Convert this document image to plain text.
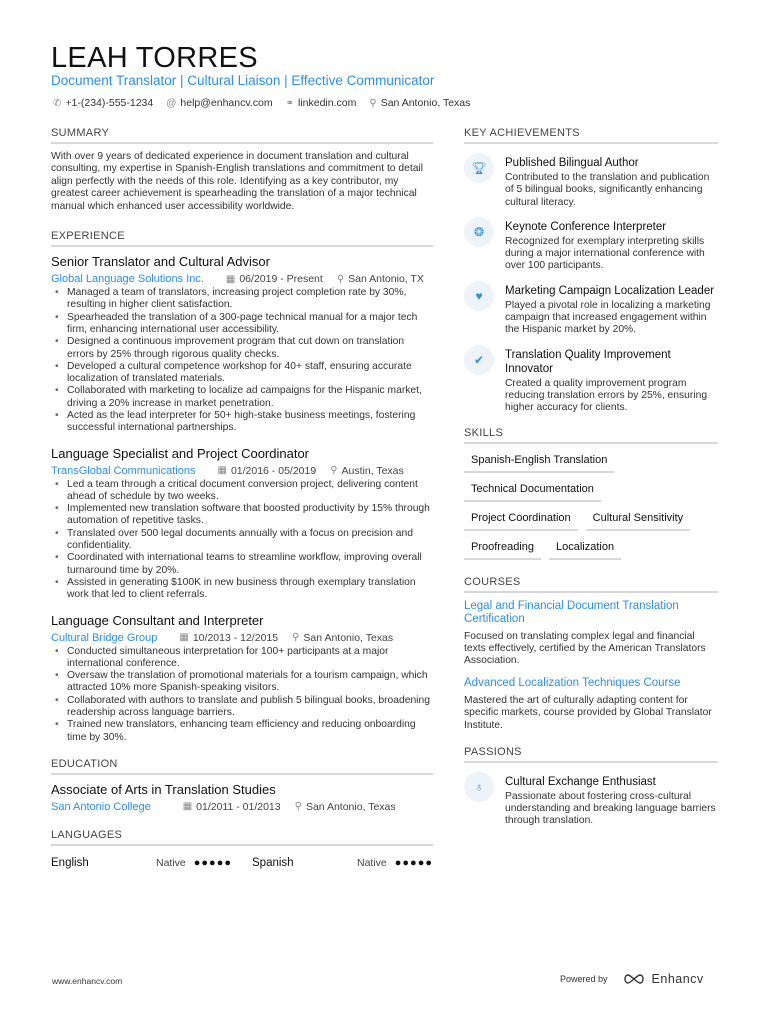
LEAH TORRES
Document Translator | Cultural Liaison | Effective Communicator
✆ +1-(234)-555-1234 @ help@enhancv.com ⚭ linkedin.com ⚲ San Antonio, Texas
SUMMARY
With over 9 years of dedicated experience in document translation and cultural consulting, my expertise in Spanish-English translations and commitment to detail align perfectly with the needs of this role. Identifying as a key contributor, my greatest career achievement is spearheading the translation of a major technical manual which enhanced user accessibility worldwide.
EXPERIENCE
Senior Translator and Cultural Advisor
Global Language Solutions Inc. ▦ 06/2019 - Present ⚲ San Antonio, TX
• Managed a team of translators, increasing project completion rate by 30%, resulting in higher client satisfaction.
• Spearheaded the translation of a 300-page technical manual for a major tech firm, enhancing international user accessibility.
• Designed a continuous improvement program that cut down on translation errors by 25% through rigorous quality checks.
• Developed a cultural competence workshop for 40+ staff, ensuring accurate localization of translated materials.
• Collaborated with marketing to localize ad campaigns for the Hispanic market, driving a 20% increase in market penetration.
• Acted as the lead interpreter for 50+ high-stake business meetings, fostering successful international partnerships.
Language Specialist and Project Coordinator
TransGlobal Communications ▦ 01/2016 - 05/2019 ⚲ Austin, Texas
• Led a team through a critical document conversion project, delivering content ahead of schedule by two weeks.
• Implemented new translation software that boosted productivity by 15% through automation of repetitive tasks.
• Translated over 500 legal documents annually with a focus on precision and confidentiality.
• Coordinated with international teams to streamline workflow, improving overall turnaround time by 20%.
• Assisted in generating $100K in new business through exemplary translation work that led to client referrals.
Language Consultant and Interpreter
Cultural Bridge Group ▦ 10/2013 - 12/2015 ⚲ San Antonio, Texas
• Conducted simultaneous interpretation for 100+ participants at a major international conference.
• Oversaw the translation of promotional materials for a tourism campaign, which attracted 10% more Spanish-speaking visitors.
• Collaborated with authors to translate and publish 5 bilingual books, broadening readership across language barriers.
• Trained new translators, enhancing team efficiency and reducing onboarding time by 30%.
EDUCATION
Associate of Arts in Translation Studies
San Antonio College	▦ 01/2011 - 01/2013 ⚲ San Antonio, Texas
LANGUAGES
English	Native ●●●●● Spanish	Native ●●●●●
KEY ACHIEVEMENTS
🏆︎	Published Bilingual Author
Contributed to the translation and publication of 5 bilingual books, significantly enhancing cultural literacy.
❂	Keynote Conference Interpreter
Recognized for exemplary interpreting skills during a major international conference with over 100 participants.
♥	Marketing Campaign Localization Leader
Played a pivotal role in localizing a marketing campaign that increased engagement within the Hispanic market by 20%.
✔	Translation Quality Improvement Innovator
Created a quality improvement program reducing translation errors by 25%, ensuring higher accuracy for clients.
SKILLS
Spanish-English Translation
Technical Documentation
Project Coordination	Cultural Sensitivity
Proofreading	Localization
COURSES
Legal and Financial Document Translation Certification
Focused on translating complex legal and financial texts effectively, certified by the American Translators Association.
Advanced Localization Techniques Course
Mastered the art of culturally adapting content for specific markets, course provided by Global Translator Institute.
PASSIONS
♁	Cultural Exchange Enthusiast
Passionate about fostering cross-cultural understanding and breaking language barriers through translation.
www.enhancv.com	Powered by	Enhancv
